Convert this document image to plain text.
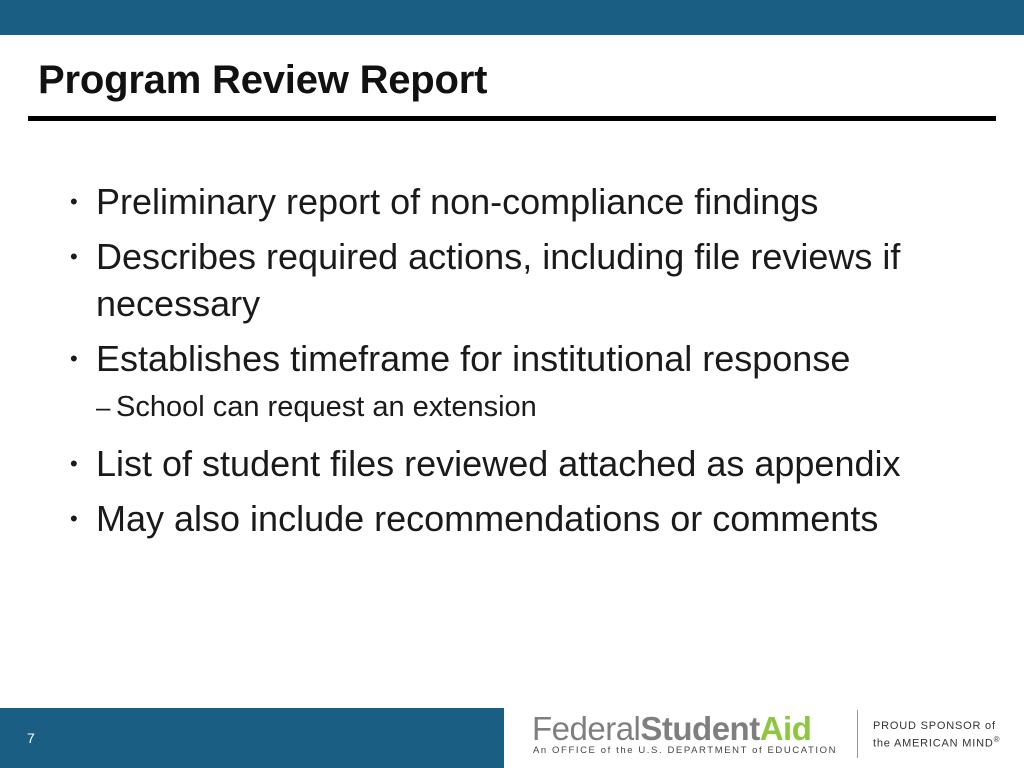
Program Review Report
• Preliminary report of non-compliance findings
• Describes required actions, including file reviews if necessary
• Establishes timeframe for institutional response
– School can request an extension
• List of student files reviewed attached as appendix
• May also include recommendations or comments
7	FederalStudentAid
An OFFICE of the U.S. DEPARTMENT of EDUCATION
PROUD SPONSOR of
the AMERICAN MIND®
